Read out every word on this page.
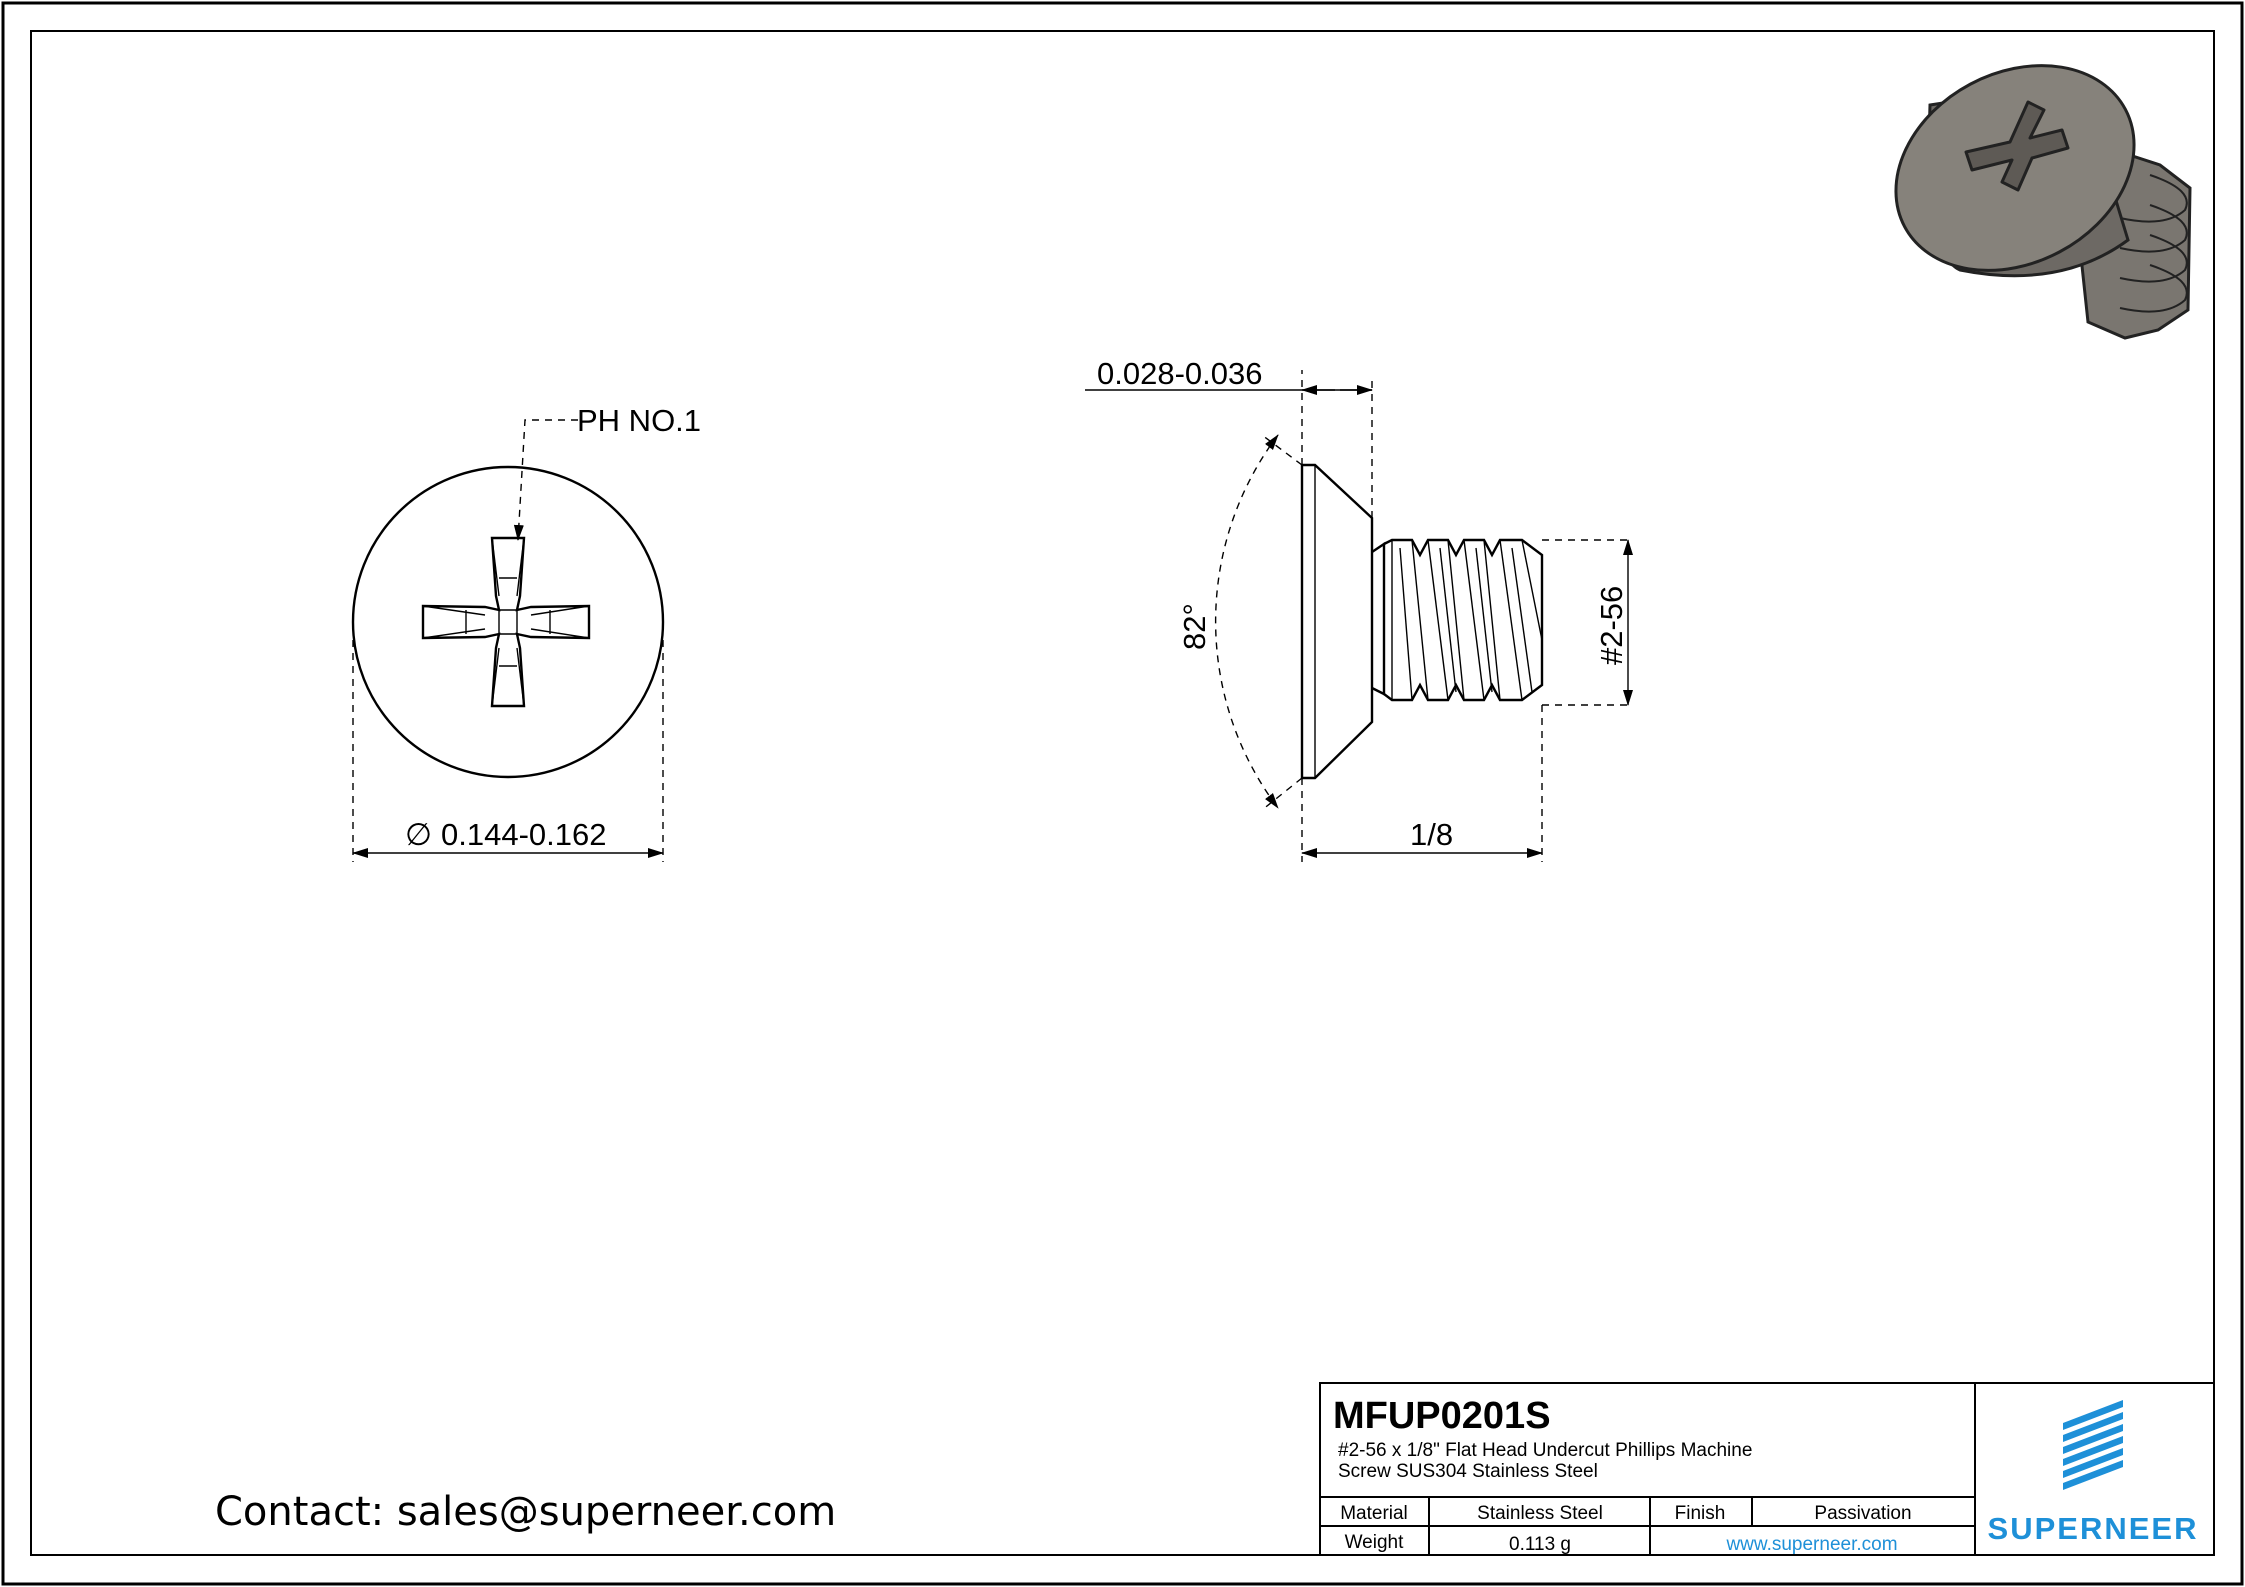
PH NO.1
∅ 0.144-0.162
0.028-0.036
82°	#2-56
1/8
Contact: sales@superneer.com
MFUP0201S
#2-56 x 1/8" Flat Head Undercut Phillips Machine
Screw SUS304 Stainless Steel
Material	Stainless Steel	Finish	Passivation
Weight	0.113 g	www.superneer.com	SUPERNEER
